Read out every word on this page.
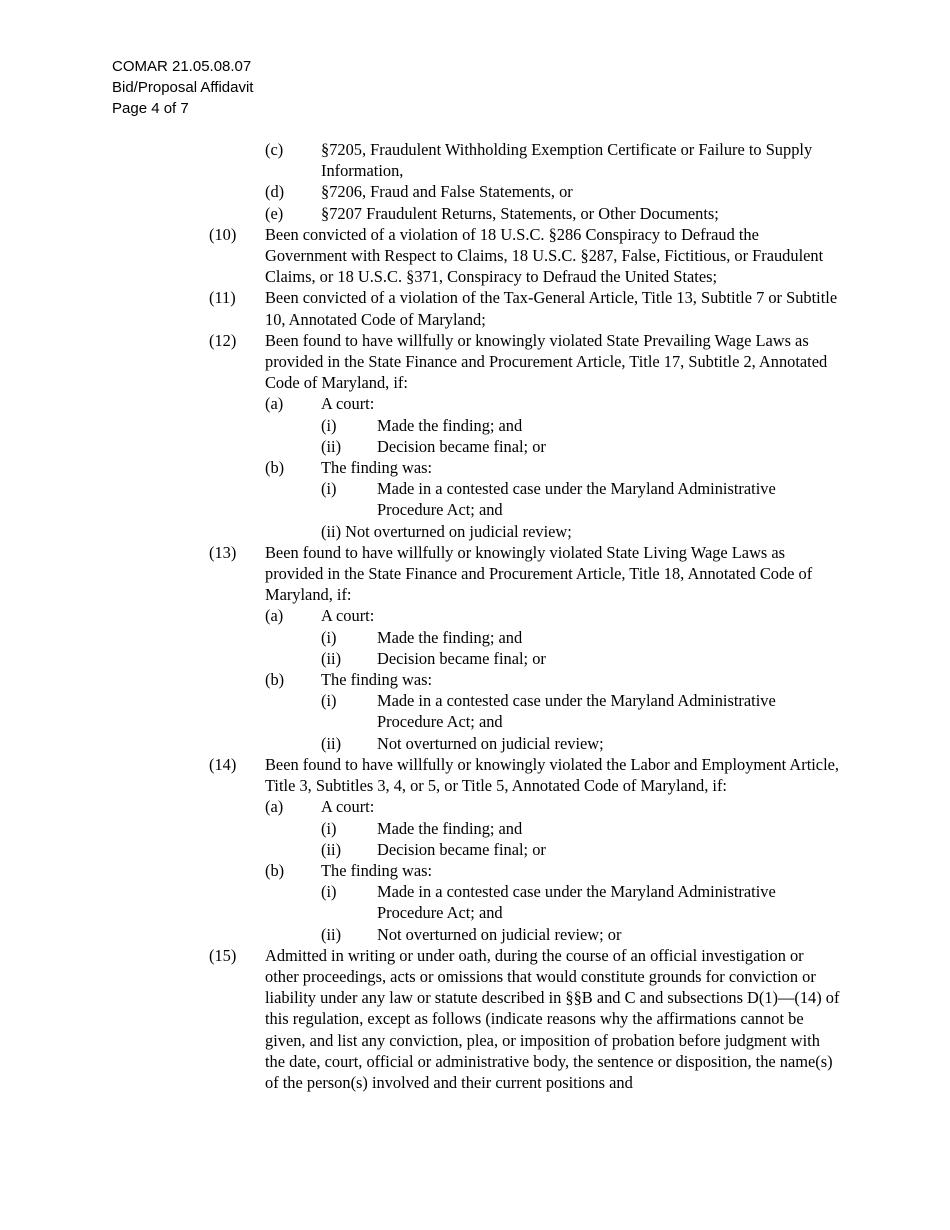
COMAR 21.05.08.07
Bid/Proposal Affidavit
Page 4 of 7
(c) §7205, Fraudulent Withholding Exemption Certificate or Failure to Supply Information,
(d) §7206, Fraud and False Statements, or
(e) §7207 Fraudulent Returns, Statements, or Other Documents;
(10) Been convicted of a violation of 18 U.S.C. §286 Conspiracy to Defraud the Government with Respect to Claims, 18 U.S.C. §287, False, Fictitious, or Fraudulent Claims, or 18 U.S.C. §371, Conspiracy to Defraud the United States;
(11) Been convicted of a violation of the Tax-General Article, Title 13, Subtitle 7 or Subtitle 10, Annotated Code of Maryland;
(12) Been found to have willfully or knowingly violated State Prevailing Wage Laws as provided in the State Finance and Procurement Article, Title 17, Subtitle 2, Annotated Code of Maryland, if:
(a) A court:
(i) Made the finding; and
(ii) Decision became final; or
(b) The finding was:
(i) Made in a contested case under the Maryland Administrative Procedure Act; and
(ii) Not overturned on judicial review;
(13) Been found to have willfully or knowingly violated State Living Wage Laws as provided in the State Finance and Procurement Article, Title 18, Annotated Code of Maryland, if:
(a) A court:
(i) Made the finding; and
(ii) Decision became final; or
(b) The finding was:
(i) Made in a contested case under the Maryland Administrative Procedure Act; and
(ii) Not overturned on judicial review;
(14) Been found to have willfully or knowingly violated the Labor and Employment Article, Title 3, Subtitles 3, 4, or 5, or Title 5, Annotated Code of Maryland, if:
(a) A court:
(i) Made the finding; and
(ii) Decision became final; or
(b) The finding was:
(i) Made in a contested case under the Maryland Administrative Procedure Act; and
(ii) Not overturned on judicial review; or
(15) Admitted in writing or under oath, during the course of an official investigation or other proceedings, acts or omissions that would constitute grounds for conviction or liability under any law or statute described in §§B and C and subsections D(1)—(14) of this regulation, except as follows (indicate reasons why the affirmations cannot be given, and list any conviction, plea, or imposition of probation before judgment with the date, court, official or administrative body, the sentence or disposition, the name(s) of the person(s) involved and their current positions and
